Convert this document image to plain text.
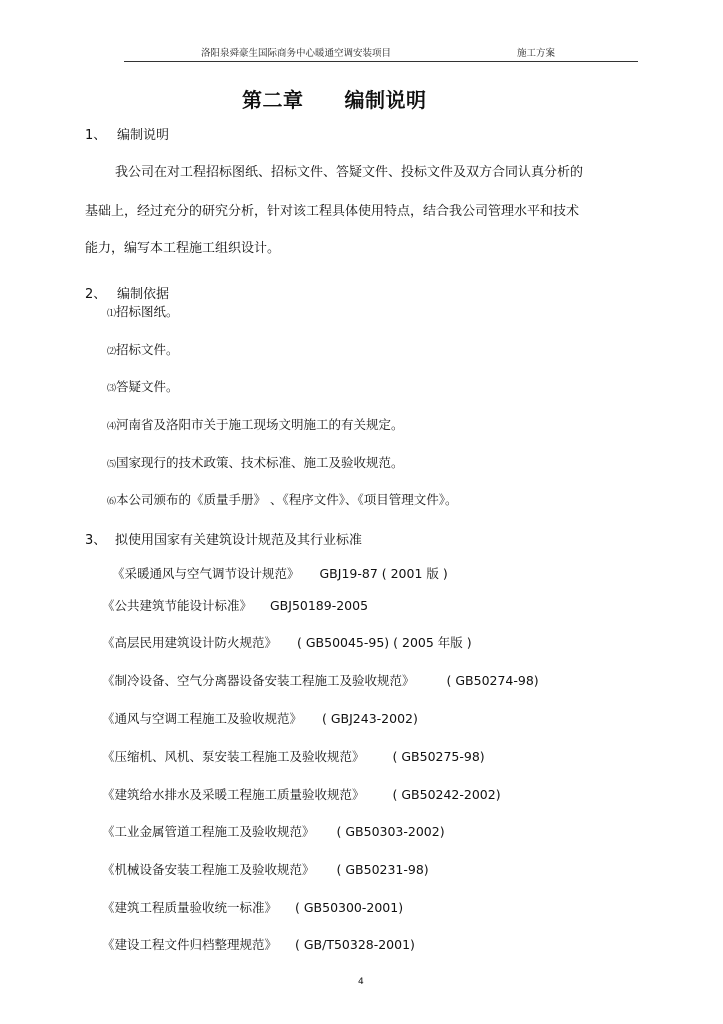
洛阳泉舜豪生国际商务中心暖通空调安装项目	施工方案
第二章　　编制说明
1、 编制说明
我公司在对工程招标图纸、招标文件、答疑文件、投标文件及双方合同认真分析的
基础上，经过充分的研究分析，针对该工程具体使用特点，结合我公司管理水平和技术
能力，编写本工程施工组织设计。
2、 编制依据
⑴招标图纸。
⑵招标文件。
⑶答疑文件。
⑷河南省及洛阳市关于施工现场文明施工的有关规定。
⑸国家现行的技术政策、技术标准、施工及验收规范。
⑹本公司颁布的《质量手册》 、《程序文件》、《项目管理文件》。
3、 拟使用国家有关建筑设计规范及其行业标准
《采暖通风与空气调节设计规范》 GBJ19-87 ( 2001 版 )
《公共建筑节能设计标准》 GBJ50189-2005
《高层民用建筑设计防火规范》 ( GB50045-95) ( 2005 年版 )
《制冷设备、空气分离器设备安装工程施工及验收规范》	( GB50274-98)
《通风与空调工程施工及验收规范》 ( GBJ243-2002)
《压缩机、风机、泵安装工程施工及验收规范》 ( GB50275-98)
《建筑给水排水及采暖工程施工质量验收规范》 ( GB50242-2002)
《工业金属管道工程施工及验收规范》 ( GB50303-2002)
《机械设备安装工程施工及验收规范》 ( GB50231-98)
《建筑工程质量验收统一标准》 ( GB50300-2001)
《建设工程文件归档整理规范》 ( GB/T50328-2001)
4
